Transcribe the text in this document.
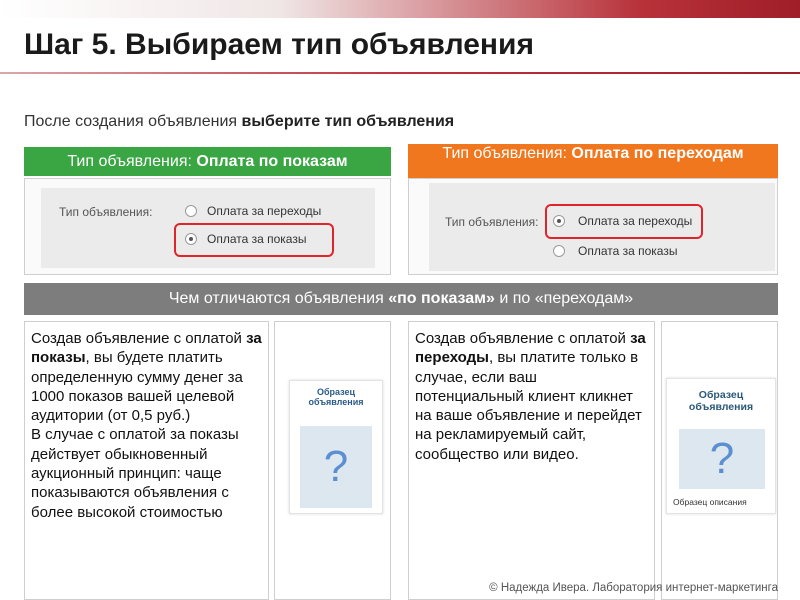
Шаг 5. Выбираем тип объявления
После создания объявления выберите тип объявления
Тип объявления: Оплата по показам	Тип объявления: Оплата по переходам
Тип объявления:	Оплата за переходы
Оплата за показы
Тип объявления:	Оплата за переходы
Оплата за показы
Чем отличаются объявления «по показам» и по «переходам»
Создав объявление с оплатой за показы, вы будете платить определенную сумму денег за 1000 показов вашей целевой аудитории (от 0,5 руб.)
В случае с оплатой за показы действует обыкновенный аукционный принцип: чаще показываются объявления с более высокой стоимостью
Образец объявления
?
Создав объявление с оплатой за переходы, вы платите только в случае, если ваш потенциальный клиент кликнет на ваше объявление и перейдет на рекламируемый сайт, сообщество или видео.
Образец объявления
?
Образец описания
© Надежда Ивера. Лаборатория интернет-маркетинга
